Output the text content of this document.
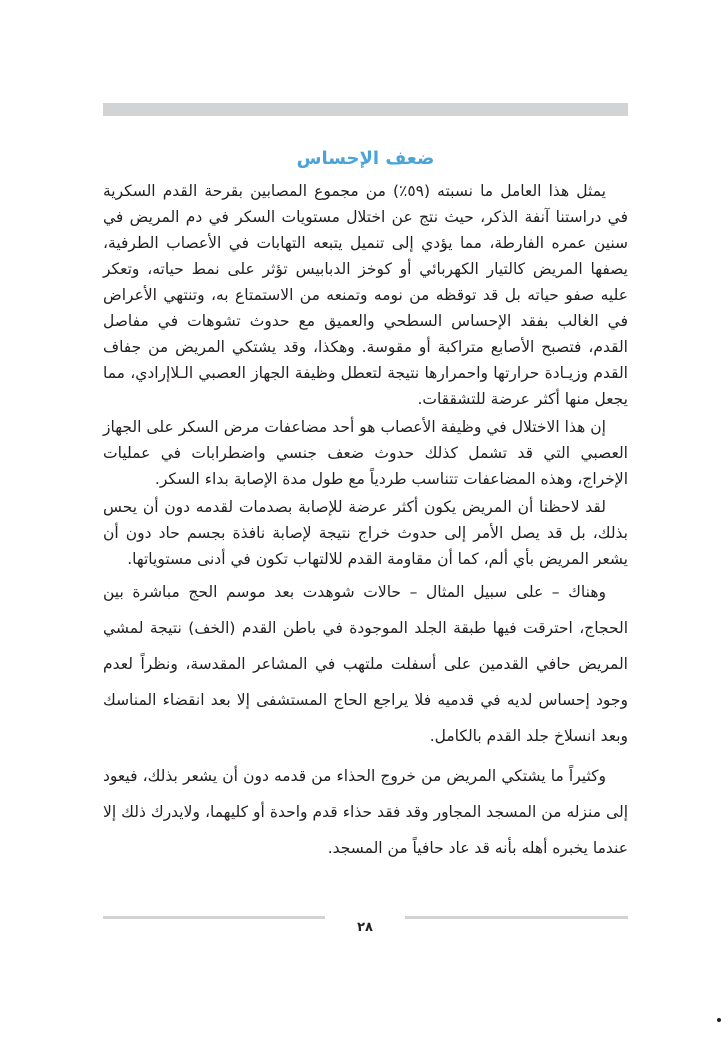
ضعف الإحساس

يمثل هذا العامل ما نسبته (٥٩٪) من مجموع المصابين بقرحة القدم السكرية في دراستنا آنفة الذكر، حيث نتج عن اختلال مستويات السكر في دم المريض في سنين عمره الفارطة، مما يؤدي إلى تنميل يتبعه التهابات في الأعصاب الطرفية، يصفها المريض كالتيار الكهربائي أو كوخز الدبابيس تؤثر على نمط حياته، وتعكر عليه صفو حياته بل قد توقظه من نومه وتمنعه من الاستمتاع به، وتنتهي الأعراض في الغالب بفقد الإحساس السطحي والعميق مع حدوث تشوهات في مفاصل القدم، فتصبح الأصابع متراكبة أو مقوسة. وهكذا، وقد يشتكي المريض من جفاف القدم وزيـادة حرارتها واحمرارها نتيجة لتعطل وظيفة الجهاز العصبي الـلاإرادي، مما يجعل منها أكثر عرضة للتشققات.

إن هذا الاختلال في وظيفة الأعصاب هو أحد مضاعفات مرض السكر على الجهاز العصبي التي قد تشمل كذلك حدوث ضعف جنسي واضطرابات في عمليات الإخراج، وهذه المضاعفات تتناسب طردياً مع طول مدة الإصابة بداء السكر.

لقد لاحظنا أن المريض يكون أكثر عرضة للإصابة بصدمات لقدمه دون أن يحس بذلك، بل قد يصل الأمر إلى حدوث خراج نتيجة لإصابة نافذة بجسم حاد دون أن يشعر المريض بأي ألم، كما أن مقاومة القدم للالتهاب تكون في أدنى مستوياتها.

وهناك – على سبيل المثال – حالات شوهدت بعد موسم الحج مباشرة بين الحجاج، احترقت فيها طبقة الجلد الموجودة في باطن القدم (الخف) نتيجة لمشي المريض حافي القدمين على أسفلت ملتهب في المشاعر المقدسة، ونظراً لعدم وجود إحساس لديه في قدميه فلا يراجع الحاج المستشفى إلا بعد انقضاء المناسك وبعد انسلاخ جلد القدم بالكامل.

وكثيراً ما يشتكي المريض من خروج الحذاء من قدمه دون أن يشعر بذلك، فيعود إلى منزله من المسجد المجاور وقد فقد حذاء قدم واحدة أو كليهما، ولايدرك ذلك إلا عندما يخبره أهله بأنه قد عاد حافياً من المسجد.

٢٨
